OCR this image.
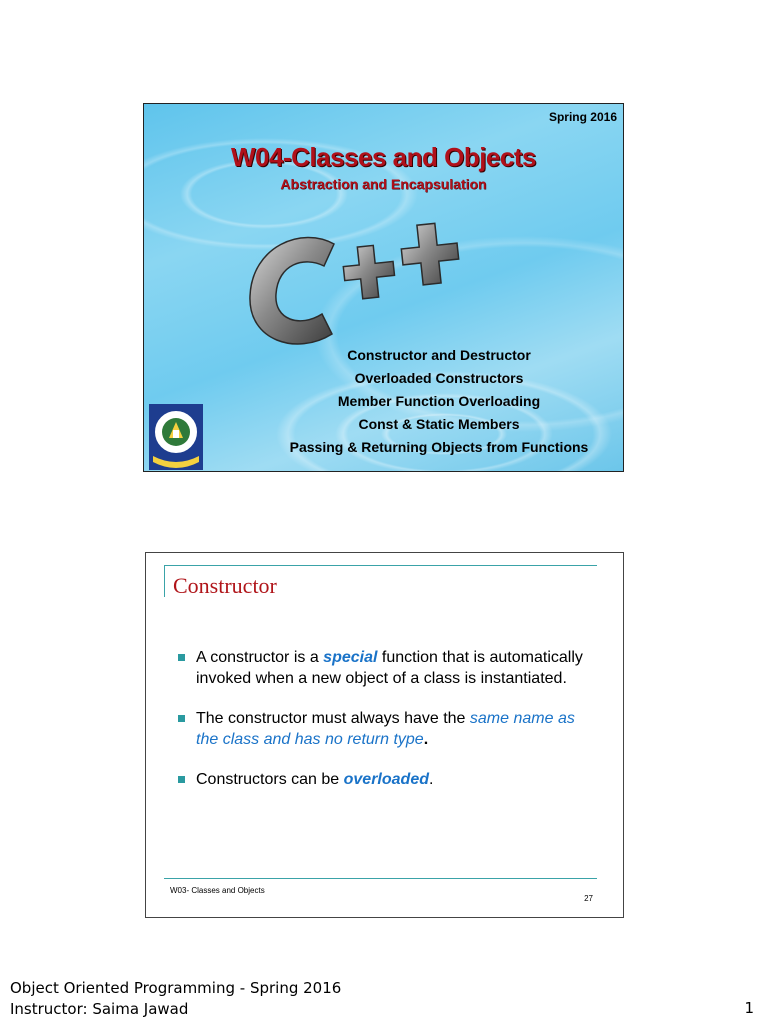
Spring 2016
W04-Classes and Objects
Abstraction and Encapsulation
Constructor and Destructor
Overloaded Constructors
Member Function Overloading
Const & Static Members
Passing & Returning Objects from Functions
Constructor
A constructor is a special function that is automatically invoked when a new object of a class is instantiated.
The constructor must always have the same name as the class and has no return type.
Constructors can be overloaded.
W03- Classes and Objects
27
Object Oriented Programming - Spring 2016
Instructor: Saima Jawad	1
